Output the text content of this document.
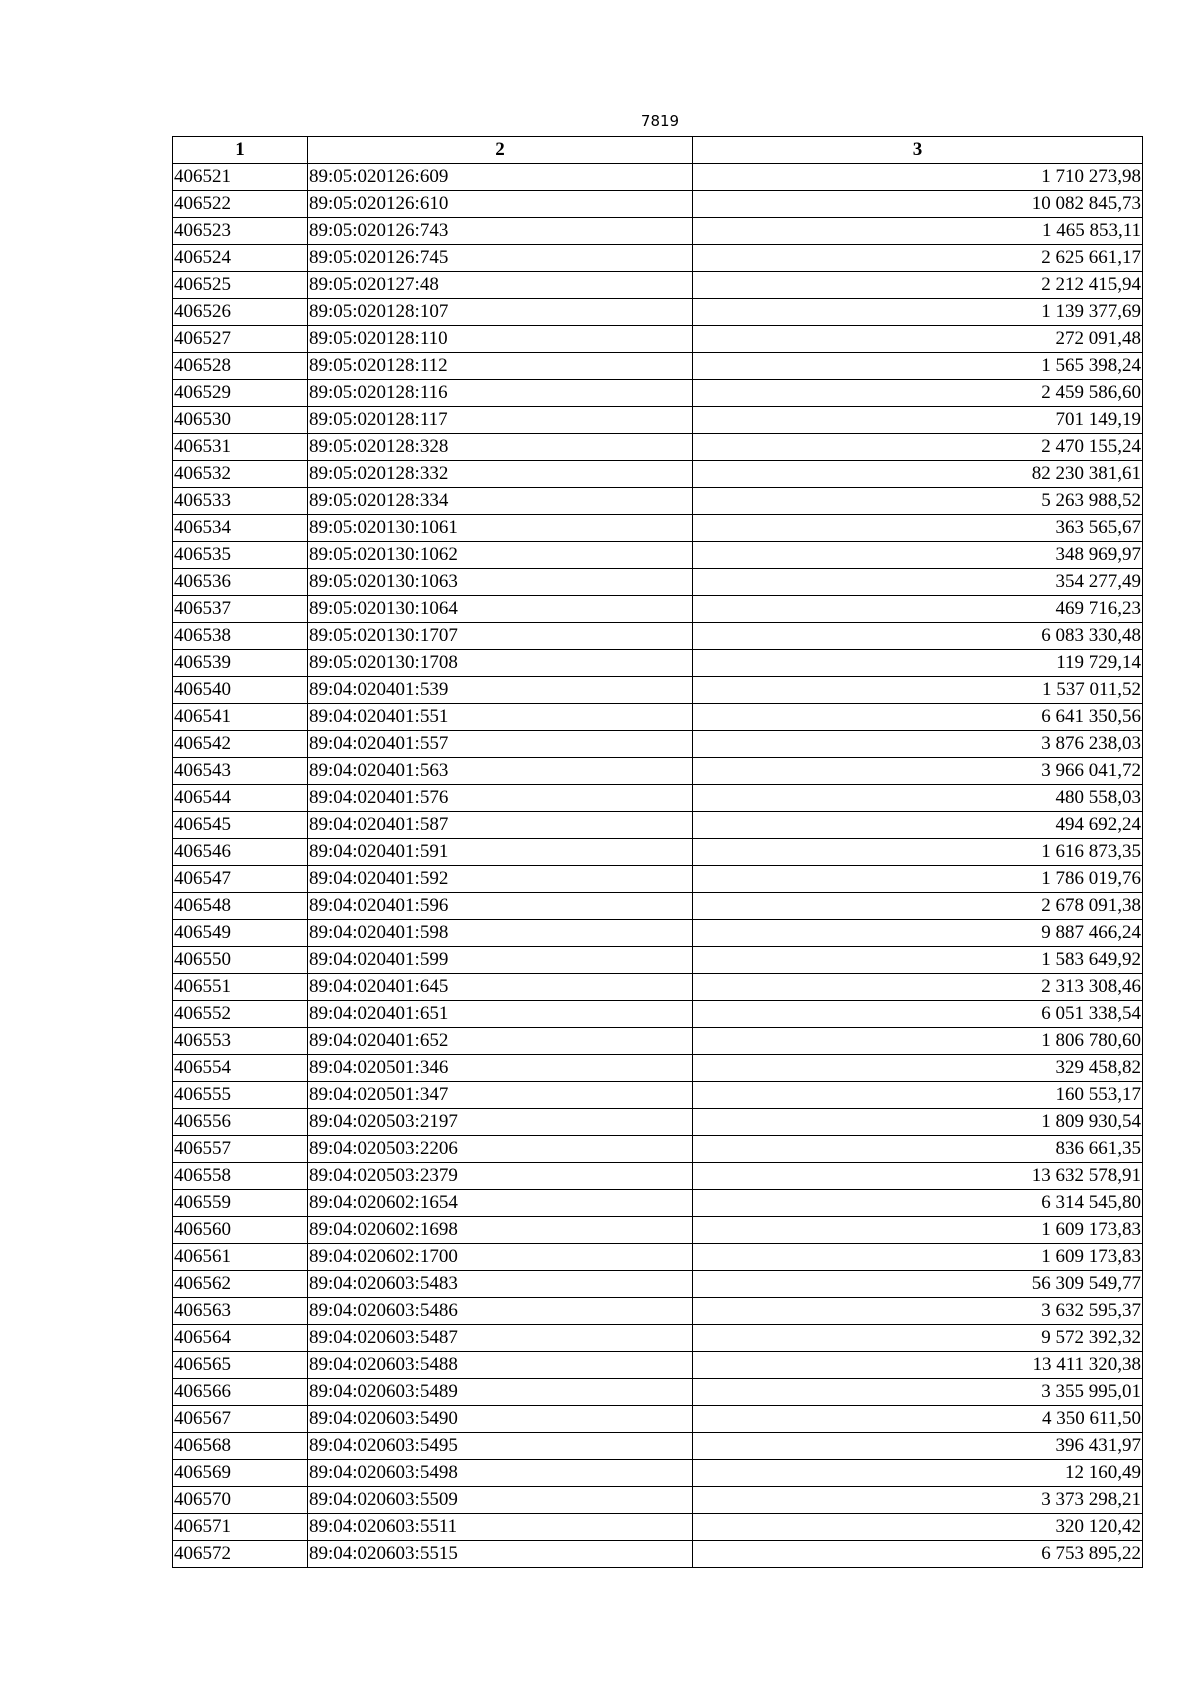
7819
1	2	3
406521	89:05:020126:609	1 710 273,98
406522	89:05:020126:610	10 082 845,73
406523	89:05:020126:743	1 465 853,11
406524	89:05:020126:745	2 625 661,17
406525	89:05:020127:48	2 212 415,94
406526	89:05:020128:107	1 139 377,69
406527	89:05:020128:110	272 091,48
406528	89:05:020128:112	1 565 398,24
406529	89:05:020128:116	2 459 586,60
406530	89:05:020128:117	701 149,19
406531	89:05:020128:328	2 470 155,24
406532	89:05:020128:332	82 230 381,61
406533	89:05:020128:334	5 263 988,52
406534	89:05:020130:1061	363 565,67
406535	89:05:020130:1062	348 969,97
406536	89:05:020130:1063	354 277,49
406537	89:05:020130:1064	469 716,23
406538	89:05:020130:1707	6 083 330,48
406539	89:05:020130:1708	119 729,14
406540	89:04:020401:539	1 537 011,52
406541	89:04:020401:551	6 641 350,56
406542	89:04:020401:557	3 876 238,03
406543	89:04:020401:563	3 966 041,72
406544	89:04:020401:576	480 558,03
406545	89:04:020401:587	494 692,24
406546	89:04:020401:591	1 616 873,35
406547	89:04:020401:592	1 786 019,76
406548	89:04:020401:596	2 678 091,38
406549	89:04:020401:598	9 887 466,24
406550	89:04:020401:599	1 583 649,92
406551	89:04:020401:645	2 313 308,46
406552	89:04:020401:651	6 051 338,54
406553	89:04:020401:652	1 806 780,60
406554	89:04:020501:346	329 458,82
406555	89:04:020501:347	160 553,17
406556	89:04:020503:2197	1 809 930,54
406557	89:04:020503:2206	836 661,35
406558	89:04:020503:2379	13 632 578,91
406559	89:04:020602:1654	6 314 545,80
406560	89:04:020602:1698	1 609 173,83
406561	89:04:020602:1700	1 609 173,83
406562	89:04:020603:5483	56 309 549,77
406563	89:04:020603:5486	3 632 595,37
406564	89:04:020603:5487	9 572 392,32
406565	89:04:020603:5488	13 411 320,38
406566	89:04:020603:5489	3 355 995,01
406567	89:04:020603:5490	4 350 611,50
406568	89:04:020603:5495	396 431,97
406569	89:04:020603:5498	12 160,49
406570	89:04:020603:5509	3 373 298,21
406571	89:04:020603:5511	320 120,42
406572	89:04:020603:5515	6 753 895,22
